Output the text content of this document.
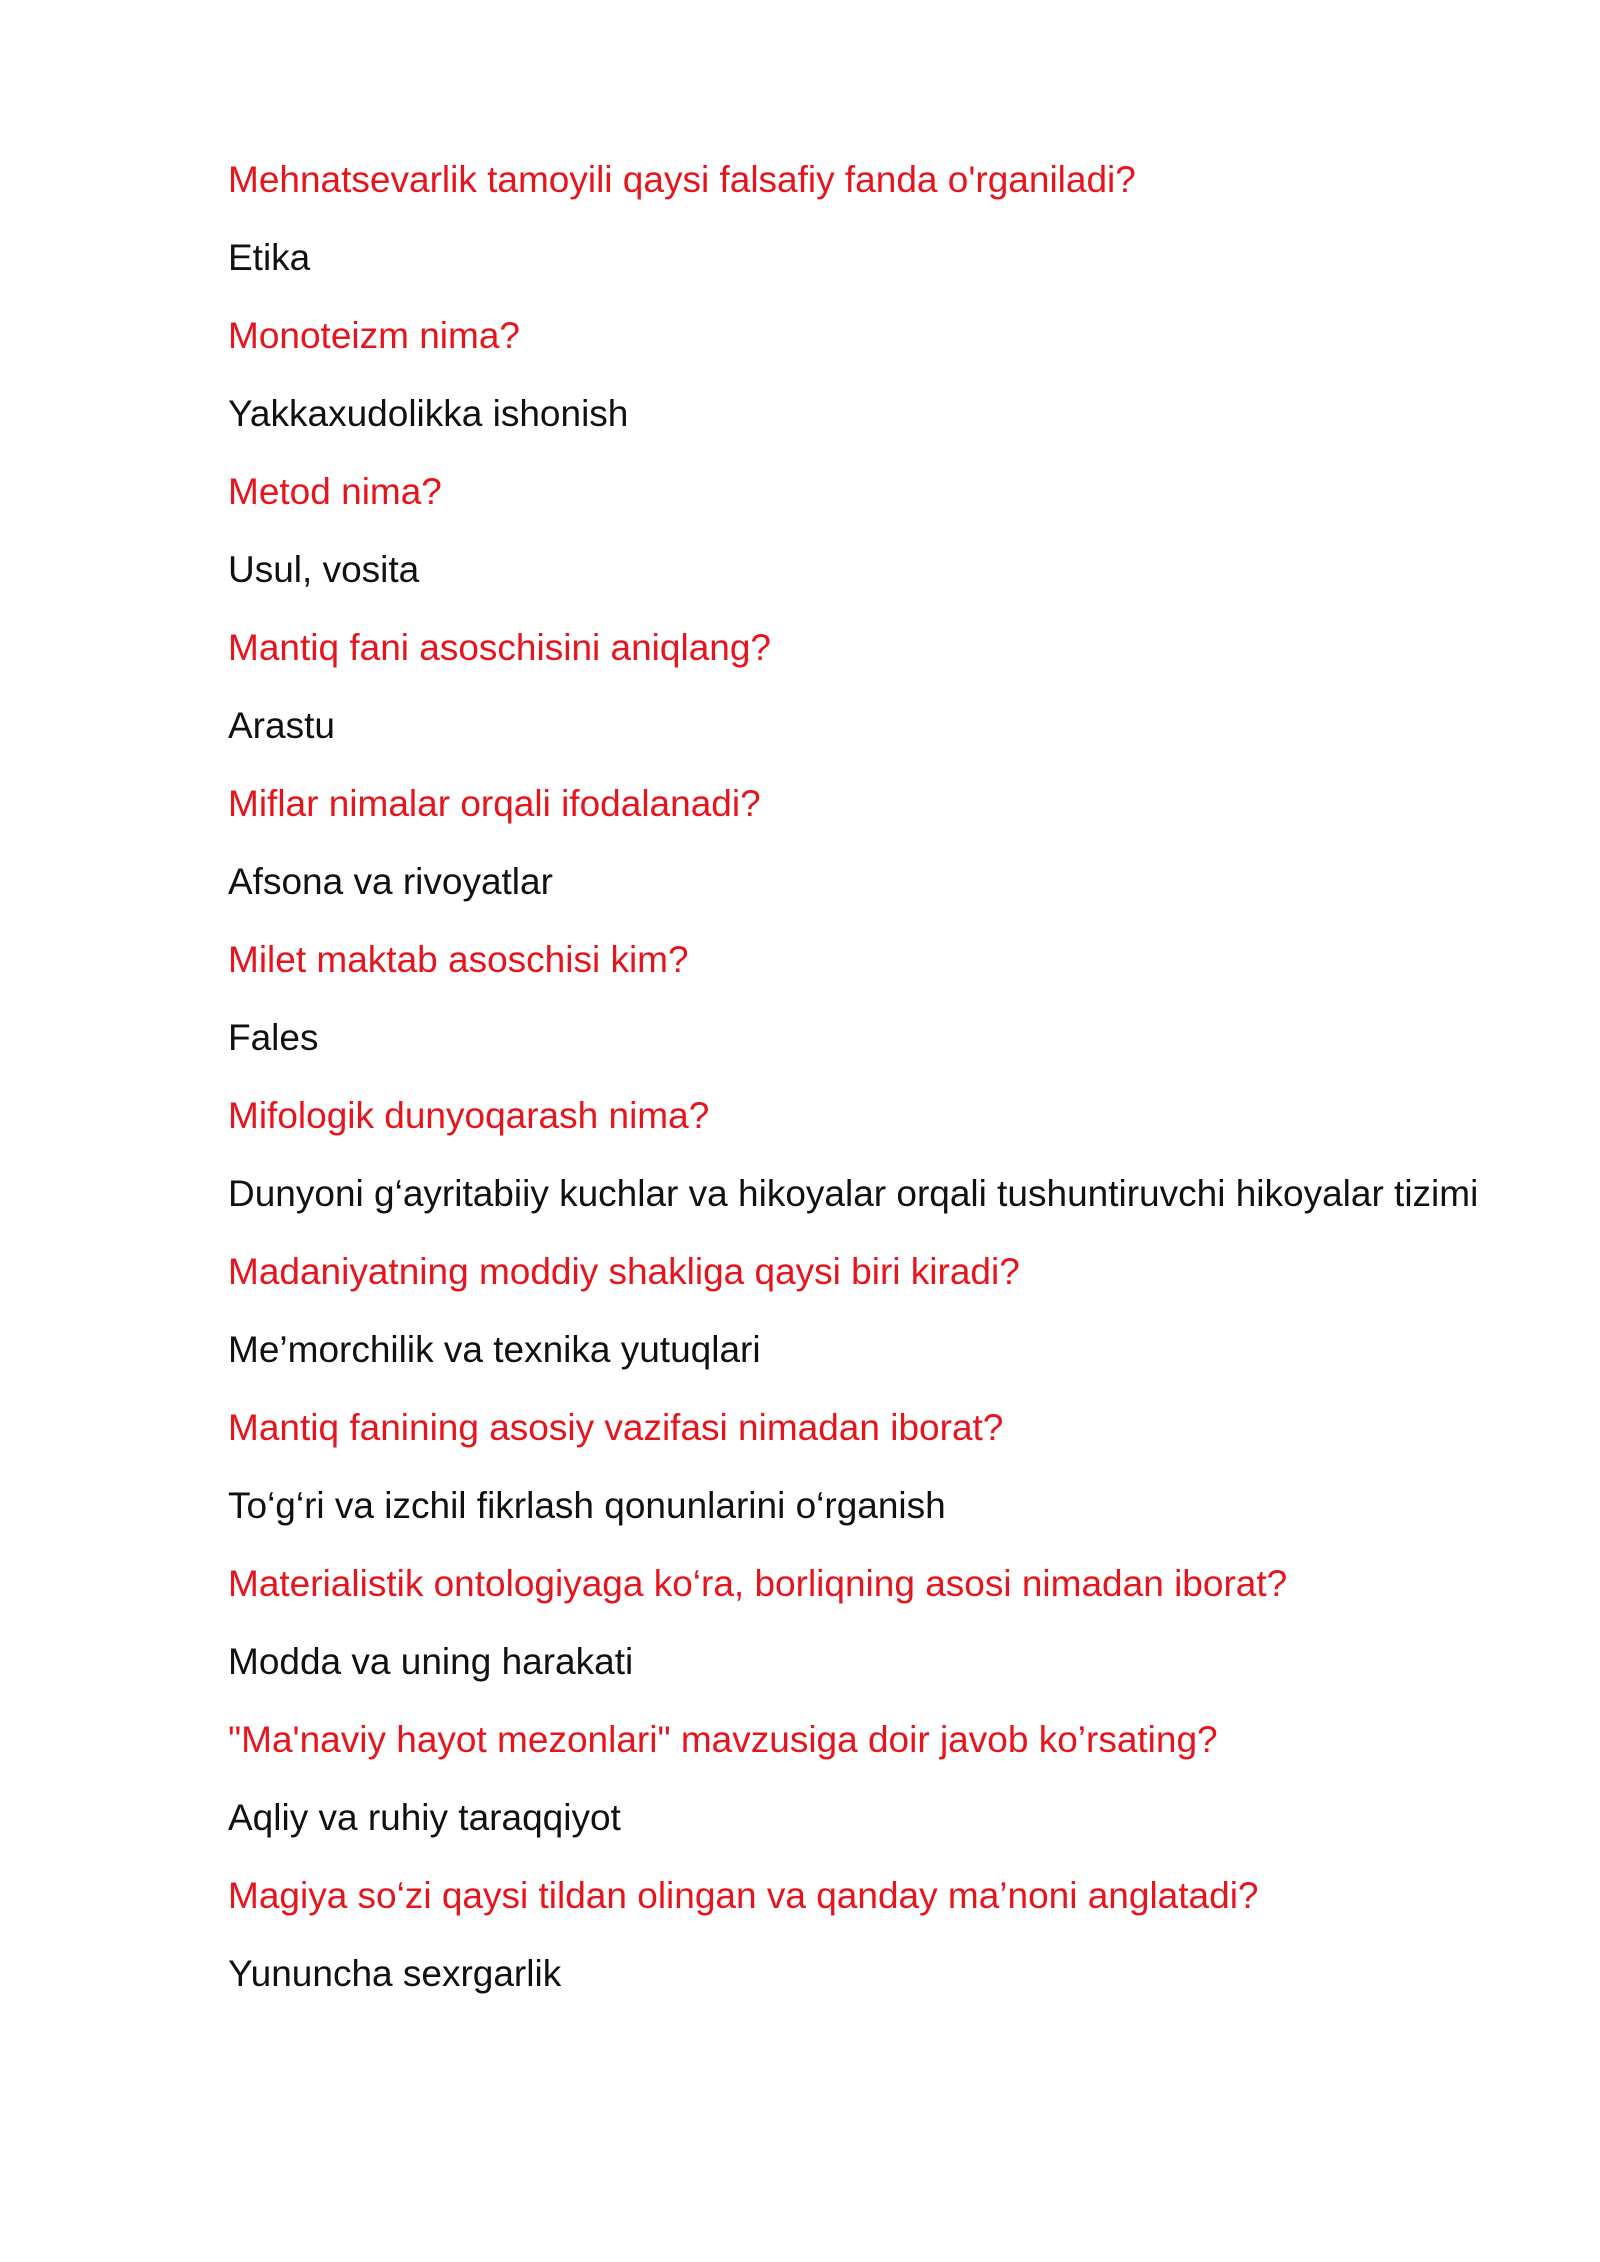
Mehnatsevarlik tamoyili qaysi falsafiy fanda o'rganiladi?

Etika

Monoteizm nima?

Yakkaxudolikka ishonish

Metod nima?

Usul, vosita

Mantiq fani asoschisini aniqlang?

Arastu

Miflar nimalar orqali ifodalanadi?

Afsona va rivoyatlar

Milet maktab asoschisi kim?

Fales

Mifologik dunyoqarash nima?

Dunyoni g‘ayritabiiy kuchlar va hikoyalar orqali tushuntiruvchi hikoyalar tizimi

Madaniyatning moddiy shakliga qaysi biri kiradi?

Me’morchilik va texnika yutuqlari

Mantiq fanining asosiy vazifasi nimadan iborat?

To‘g‘ri va izchil fikrlash qonunlarini o‘rganish

Materialistik ontologiyaga ko‘ra, borliqning asosi nimadan iborat?

Modda va uning harakati

"Ma'naviy hayot mezonlari" mavzusiga doir javob ko’rsating?

Aqliy va ruhiy taraqqiyot

Magiya so‘zi qaysi tildan olingan va qanday ma’noni anglatadi?

Yununcha sexrgarlik
